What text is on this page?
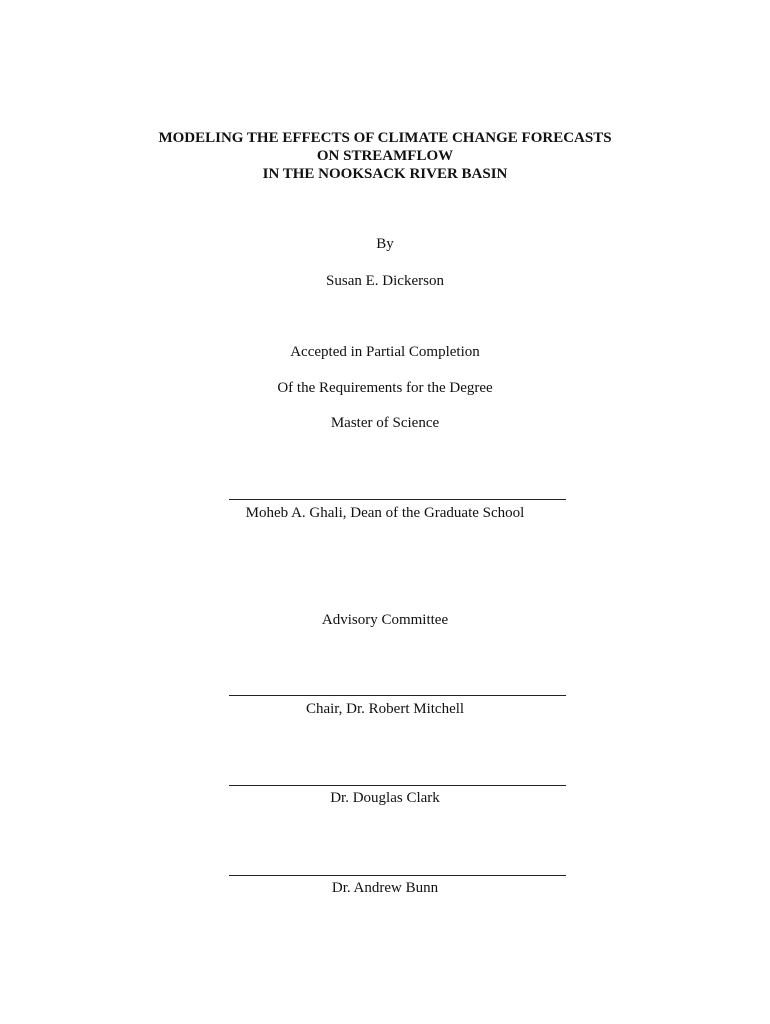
MODELING THE EFFECTS OF CLIMATE CHANGE FORECASTS
ON STREAMFLOW
IN THE NOOKSACK RIVER BASIN
By
Susan E. Dickerson
Accepted in Partial Completion
Of the Requirements for the Degree
Master of Science
Moheb A. Ghali, Dean of the Graduate School
Advisory Committee
Chair, Dr. Robert Mitchell
Dr. Douglas Clark
Dr. Andrew Bunn
